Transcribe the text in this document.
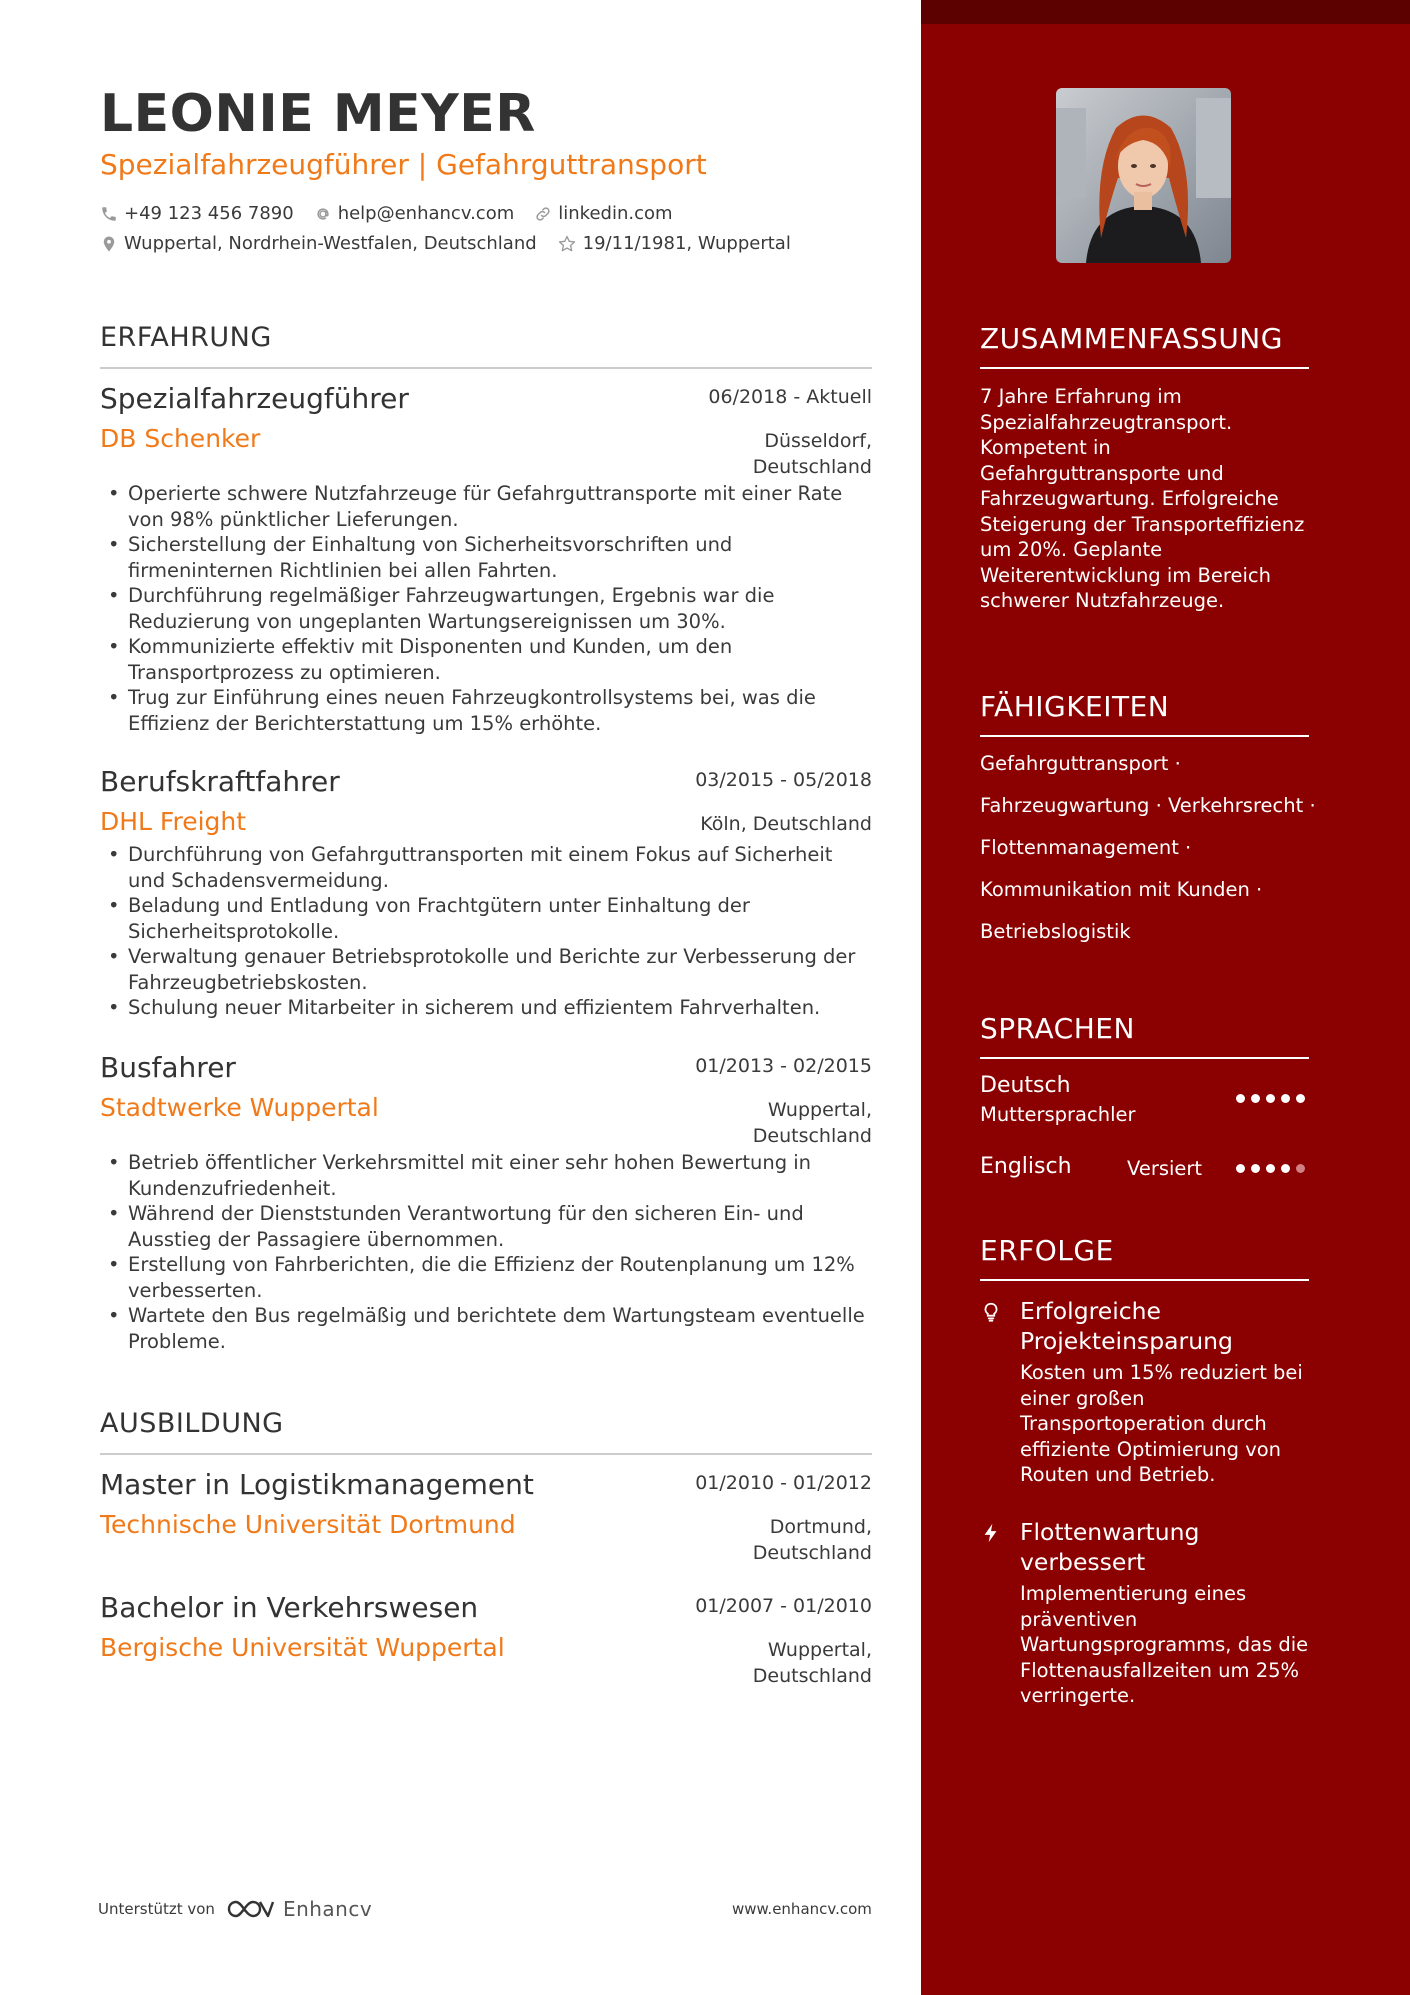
LEONIE MEYER
Spezialfahrzeugführer | Gefahrguttransport
+49 123 456 7890 help@enhancv.com linkedin.com
Wuppertal, Nordrhein-Westfalen, Deutschland	19/11/1981, Wuppertal
ERFAHRUNG
Spezialfahrzeugführer	06/2018 - Aktuell
DB Schenker	Düsseldorf,
Deutschland
• Operierte schwere Nutzfahrzeuge für Gefahrguttransporte mit einer Rate von 98% pünktlicher Lieferungen.
• Sicherstellung der Einhaltung von Sicherheitsvorschriften und firmeninternen Richtlinien bei allen Fahrten.
• Durchführung regelmäßiger Fahrzeugwartungen, Ergebnis war die Reduzierung von ungeplanten Wartungsereignissen um 30%.
• Kommunizierte effektiv mit Disponenten und Kunden, um den Transportprozess zu optimieren.
• Trug zur Einführung eines neuen Fahrzeugkontrollsystems bei, was die Effizienz der Berichterstattung um 15% erhöhte.
Berufskraftfahrer	03/2015 - 05/2018
DHL Freight	Köln, Deutschland
• Durchführung von Gefahrguttransporten mit einem Fokus auf Sicherheit und Schadensvermeidung.
• Beladung und Entladung von Frachtgütern unter Einhaltung der Sicherheitsprotokolle.
• Verwaltung genauer Betriebsprotokolle und Berichte zur Verbesserung der Fahrzeugbetriebskosten.
• Schulung neuer Mitarbeiter in sicherem und effizientem Fahrverhalten.
Busfahrer	01/2013 - 02/2015
Stadtwerke Wuppertal	Wuppertal,
Deutschland
• Betrieb öffentlicher Verkehrsmittel mit einer sehr hohen Bewertung in Kundenzufriedenheit.
• Während der Dienststunden Verantwortung für den sicheren Ein- und Ausstieg der Passagiere übernommen.
• Erstellung von Fahrberichten, die die Effizienz der Routenplanung um 12% verbesserten.
• Wartete den Bus regelmäßig und berichtete dem Wartungsteam eventuelle Probleme.
AUSBILDUNG
Master in Logistikmanagement	01/2010 - 01/2012
Technische Universität Dortmund	Dortmund,
Deutschland
Bachelor in Verkehrswesen	01/2007 - 01/2010
Bergische Universität Wuppertal	Wuppertal,
Deutschland
Unterstützt von	Enhancv	www.enhancv.com
ZUSAMMENFASSUNG
7 Jahre Erfahrung im Spezialfahrzeugtransport. Kompetent in Gefahrguttransporte und Fahrzeugwartung. Erfolgreiche Steigerung der Transporteffizienz um 20%. Geplante Weiterentwicklung im Bereich schwerer Nutzfahrzeuge.
FÄHIGKEITEN
Gefahrguttransport ·
Fahrzeugwartung · Verkehrsrecht ·
Flottenmanagement ·
Kommunikation mit Kunden ·
Betriebslogistik
SPRACHEN
Deutsch
Muttersprachler
Englisch	Versiert
ERFOLGE
Erfolgreiche Projekteinsparung
Kosten um 15% reduziert bei einer großen Transportoperation durch effiziente Optimierung von Routen und Betrieb.
Flottenwartung verbessert
Implementierung eines präventiven Wartungsprogramms, das die Flottenausfallzeiten um 25% verringerte.
